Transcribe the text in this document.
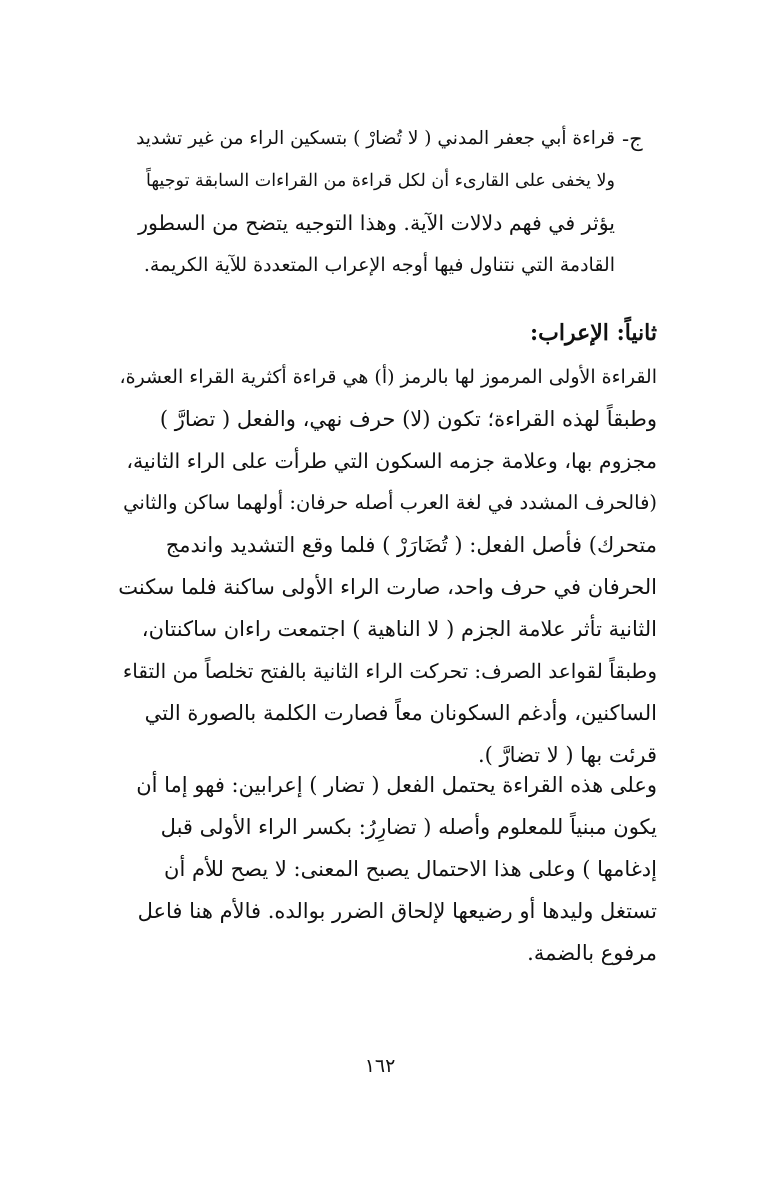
ج-
قراءة أبي جعفر المدني ( لا تُضارْ ) بتسكين الراء من غير تشديد
ولا يخفى على القارىء أن لكل قراءة من القراءات السابقة توجيهاً
يؤثر في فهم دلالات الآية. وهذا التوجيه يتضح من السطور
القادمة التي نتناول فيها أوجه الإعراب المتعددة للآية الكريمة.
ثانياً: الإعراب:
القراءة الأولى المرموز لها بالرمز (أ) هي قراءة أكثرية القراء العشرة،
وطبقاً لهذه القراءة؛ تكون (لا) حرف نهي، والفعل ( تضارَّ )
مجزوم بها، وعلامة جزمه السكون التي طرأت على الراء الثانية،
(فالحرف المشدد في لغة العرب أصله حرفان: أولهما ساكن والثاني
متحرك) فأصل الفعل: ( تُضَارَرْ ) فلما وقع التشديد واندمج
الحرفان في حرف واحد، صارت الراء الأولى ساكنة فلما سكنت
الثانية تأثر علامة الجزم ( لا الناهية ) اجتمعت راءان ساكنتان،
وطبقاً لقواعد الصرف: تحركت الراء الثانية بالفتح تخلصاً من التقاء
الساكنين، وأدغم السكونان معاً فصارت الكلمة بالصورة التي
قرئت بها ( لا تضارَّ ).
وعلى هذه القراءة يحتمل الفعل ( تضار ) إعرابين: فهو إما أن
يكون مبنياً للمعلوم وأصله ( تضارِرُ: بكسر الراء الأولى قبل
إدغامها ) وعلى هذا الاحتمال يصبح المعنى: لا يصح للأم أن
تستغل وليدها أو رضيعها لإلحاق الضرر بوالده. فالأم هنا فاعل
مرفوع بالضمة.
١٦٢
